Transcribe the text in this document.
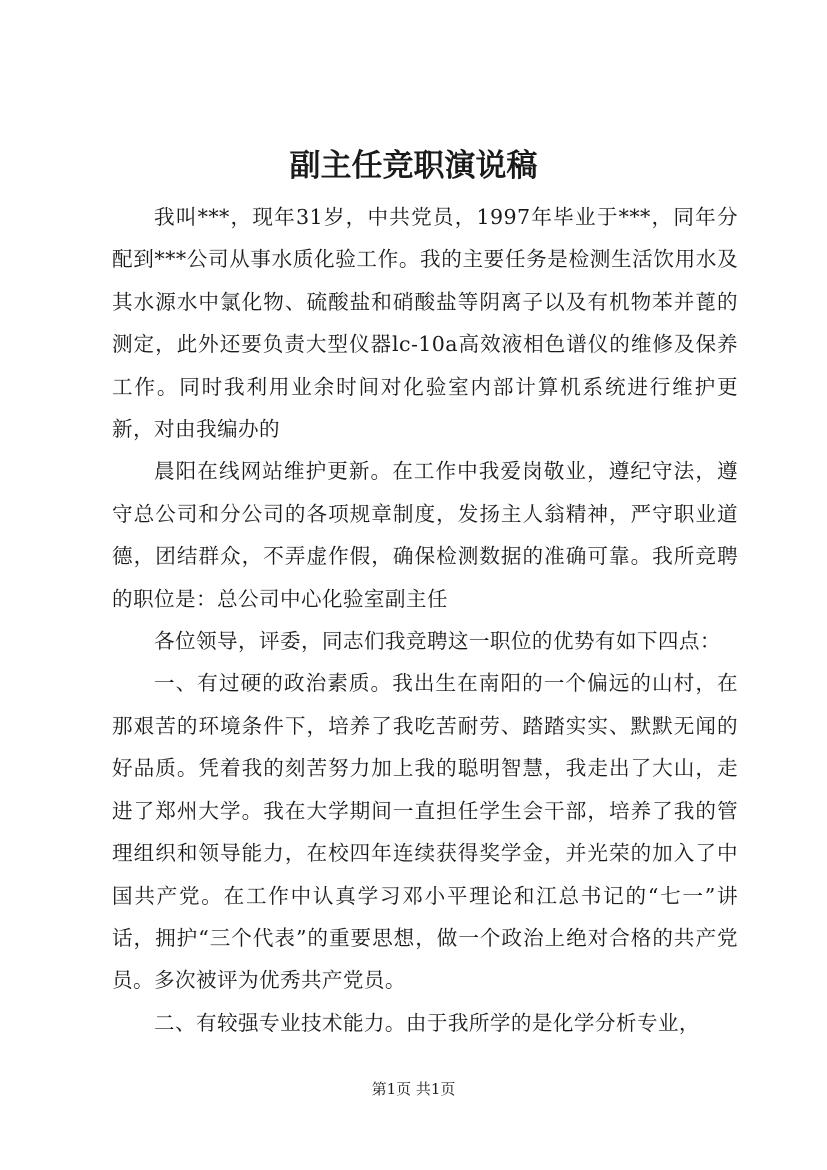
副主任竞职演说稿

我叫***，现年31岁，中共党员，1997年毕业于***，同年分配到***公司从事水质化验工作。我的主要任务是检测生活饮用水及其水源水中氯化物、硫酸盐和硝酸盐等阴离子以及有机物苯并蓖的测定，此外还要负责大型仪器lc-10a高效液相色谱仪的维修及保养工作。同时我利用业余时间对化验室内部计算机系统进行维护更新，对由我编办的

晨阳在线网站维护更新。在工作中我爱岗敬业，遵纪守法，遵守总公司和分公司的各项规章制度，发扬主人翁精神，严守职业道德，团结群众，不弄虚作假，确保检测数据的准确可靠。我所竞聘的职位是：总公司中心化验室副主任

各位领导，评委，同志们我竞聘这一职位的优势有如下四点：

一、有过硬的政治素质。我出生在南阳的一个偏远的山村，在那艰苦的环境条件下，培养了我吃苦耐劳、踏踏实实、默默无闻的好品质。凭着我的刻苦努力加上我的聪明智慧，我走出了大山，走进了郑州大学。我在大学期间一直担任学生会干部，培养了我的管理组织和领导能力，在校四年连续获得奖学金，并光荣的加入了中国共产党。在工作中认真学习邓小平理论和江总书记的“七一”讲话，拥护“三个代表”的重要思想，做一个政治上绝对合格的共产党员。多次被评为优秀共产党员。

二、有较强专业技术能力。由于我所学的是化学分析专业，

第1页 共1页
